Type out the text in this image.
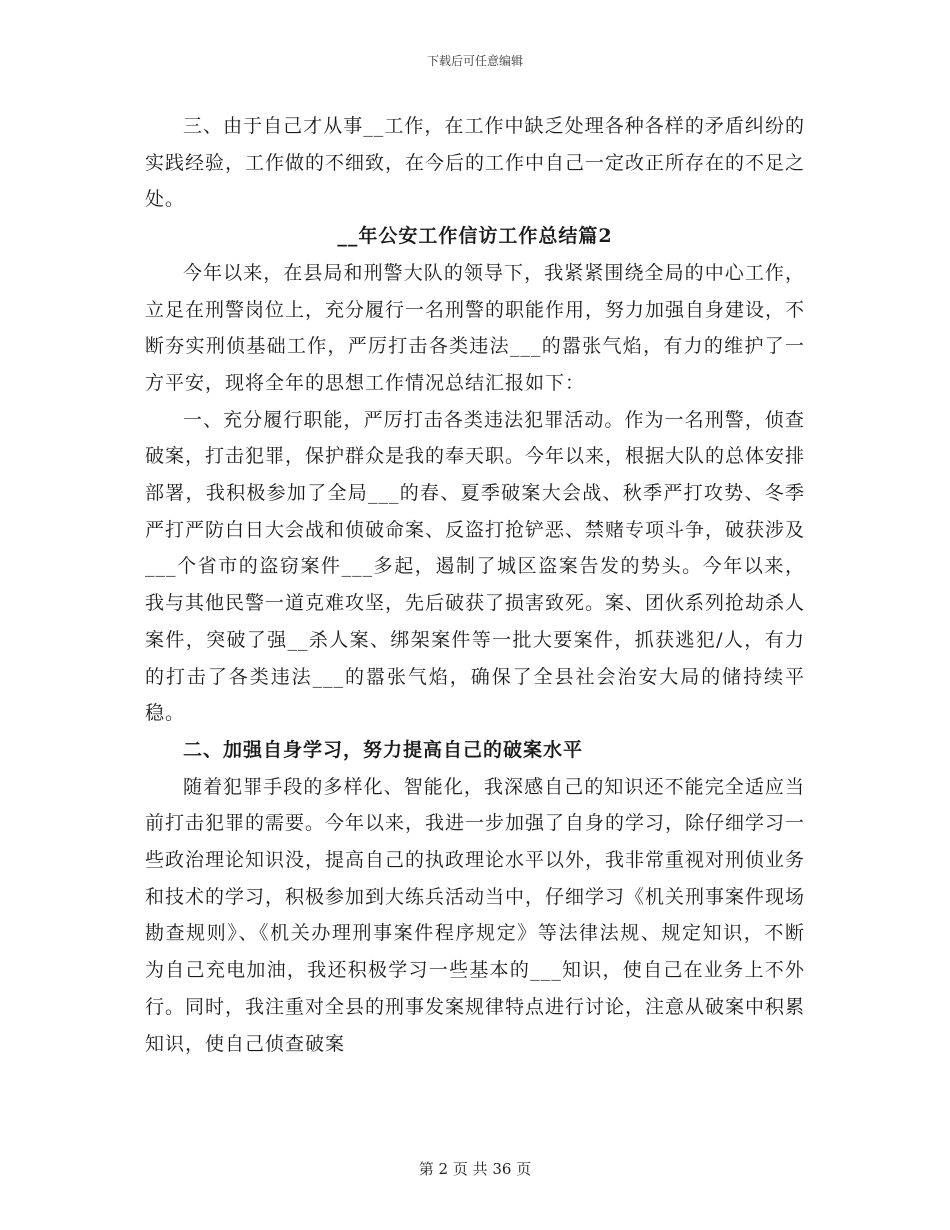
下载后可任意编辑

三、由于自己才从事__工作，在工作中缺乏处理各种各样的矛盾纠纷的实践经验，工作做的不细致，在今后的工作中自己一定改正所存在的不足之处。

__年公安工作信访工作总结篇2

今年以来，在县局和刑警大队的领导下，我紧紧围绕全局的中心工作，立足在刑警岗位上，充分履行一名刑警的职能作用，努力加强自身建设，不断夯实刑侦基础工作，严厉打击各类违法___的嚣张气焰，有力的维护了一方平安，现将全年的思想工作情况总结汇报如下：

一、充分履行职能，严厉打击各类违法犯罪活动。作为一名刑警，侦查破案，打击犯罪，保护群众是我的奉天职。今年以来，根据大队的总体安排部署，我积极参加了全局___的春、夏季破案大会战、秋季严打攻势、冬季严打严防白日大会战和侦破命案、反盗打抢铲恶、禁赌专项斗争，破获涉及___个省市的盗窃案件___多起，遏制了城区盗案告发的势头。今年以来，我与其他民警一道克难攻坚，先后破获了损害致死。案、团伙系列抢劫杀人案件，突破了强__杀人案、绑架案件等一批大要案件，抓获逃犯/人，有力的打击了各类违法___的嚣张气焰，确保了全县社会治安大局的储持续平稳。

二、加强自身学习，努力提高自己的破案水平

随着犯罪手段的多样化、智能化，我深感自己的知识还不能完全适应当前打击犯罪的需要。今年以来，我进一步加强了自身的学习，除仔细学习一些政治理论知识没，提高自己的执政理论水平以外，我非常重视对刑侦业务和技术的学习，积极参加到大练兵活动当中，仔细学习《机关刑事案件现场勘查规则》、《机关办理刑事案件程序规定》等法律法规、规定知识，不断为自己充电加油，我还积极学习一些基本的___知识，使自己在业务上不外行。同时，我注重对全县的刑事发案规律特点进行讨论，注意从破案中积累知识，使自己侦查破案

第 2 页 共 36 页
